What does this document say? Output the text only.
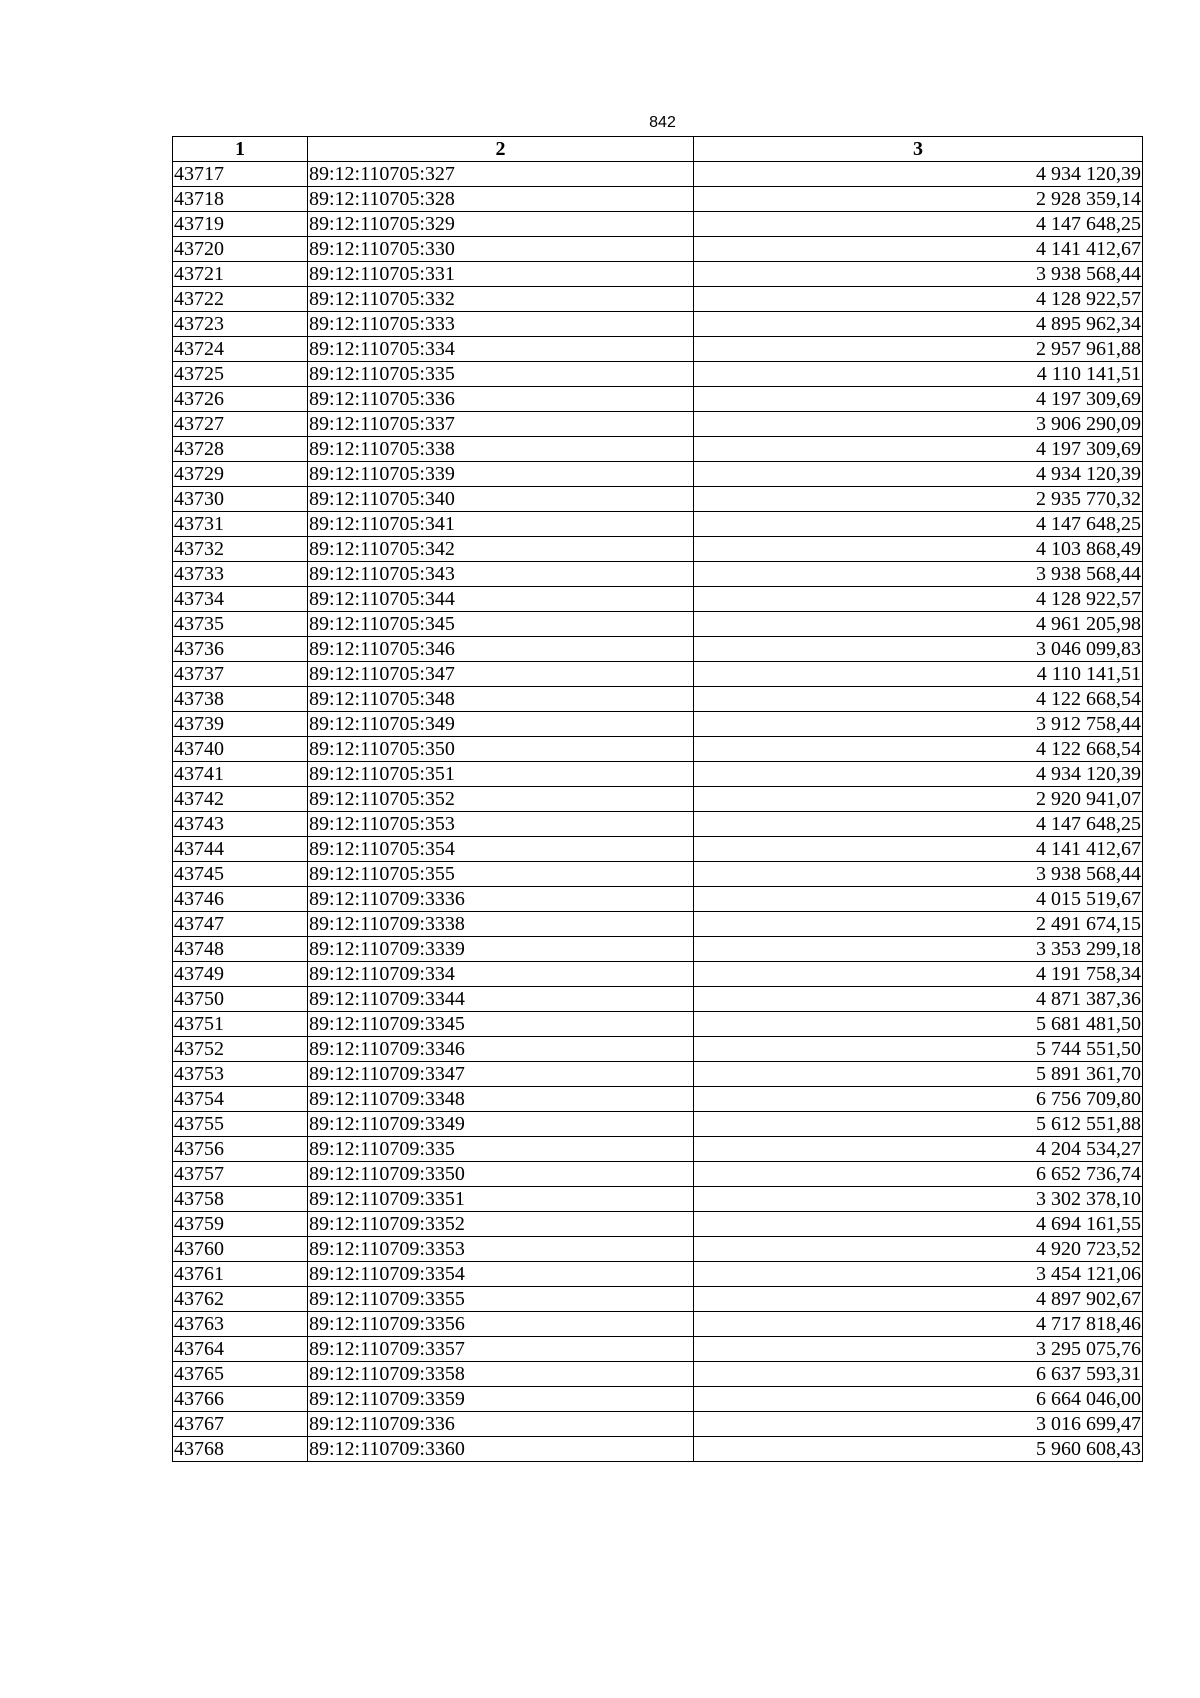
842
1	2	3
43717	89:12:110705:327	4 934 120,39
43718	89:12:110705:328	2 928 359,14
43719	89:12:110705:329	4 147 648,25
43720	89:12:110705:330	4 141 412,67
43721	89:12:110705:331	3 938 568,44
43722	89:12:110705:332	4 128 922,57
43723	89:12:110705:333	4 895 962,34
43724	89:12:110705:334	2 957 961,88
43725	89:12:110705:335	4 110 141,51
43726	89:12:110705:336	4 197 309,69
43727	89:12:110705:337	3 906 290,09
43728	89:12:110705:338	4 197 309,69
43729	89:12:110705:339	4 934 120,39
43730	89:12:110705:340	2 935 770,32
43731	89:12:110705:341	4 147 648,25
43732	89:12:110705:342	4 103 868,49
43733	89:12:110705:343	3 938 568,44
43734	89:12:110705:344	4 128 922,57
43735	89:12:110705:345	4 961 205,98
43736	89:12:110705:346	3 046 099,83
43737	89:12:110705:347	4 110 141,51
43738	89:12:110705:348	4 122 668,54
43739	89:12:110705:349	3 912 758,44
43740	89:12:110705:350	4 122 668,54
43741	89:12:110705:351	4 934 120,39
43742	89:12:110705:352	2 920 941,07
43743	89:12:110705:353	4 147 648,25
43744	89:12:110705:354	4 141 412,67
43745	89:12:110705:355	3 938 568,44
43746	89:12:110709:3336	4 015 519,67
43747	89:12:110709:3338	2 491 674,15
43748	89:12:110709:3339	3 353 299,18
43749	89:12:110709:334	4 191 758,34
43750	89:12:110709:3344	4 871 387,36
43751	89:12:110709:3345	5 681 481,50
43752	89:12:110709:3346	5 744 551,50
43753	89:12:110709:3347	5 891 361,70
43754	89:12:110709:3348	6 756 709,80
43755	89:12:110709:3349	5 612 551,88
43756	89:12:110709:335	4 204 534,27
43757	89:12:110709:3350	6 652 736,74
43758	89:12:110709:3351	3 302 378,10
43759	89:12:110709:3352	4 694 161,55
43760	89:12:110709:3353	4 920 723,52
43761	89:12:110709:3354	3 454 121,06
43762	89:12:110709:3355	4 897 902,67
43763	89:12:110709:3356	4 717 818,46
43764	89:12:110709:3357	3 295 075,76
43765	89:12:110709:3358	6 637 593,31
43766	89:12:110709:3359	6 664 046,00
43767	89:12:110709:336	3 016 699,47
43768	89:12:110709:3360	5 960 608,43
